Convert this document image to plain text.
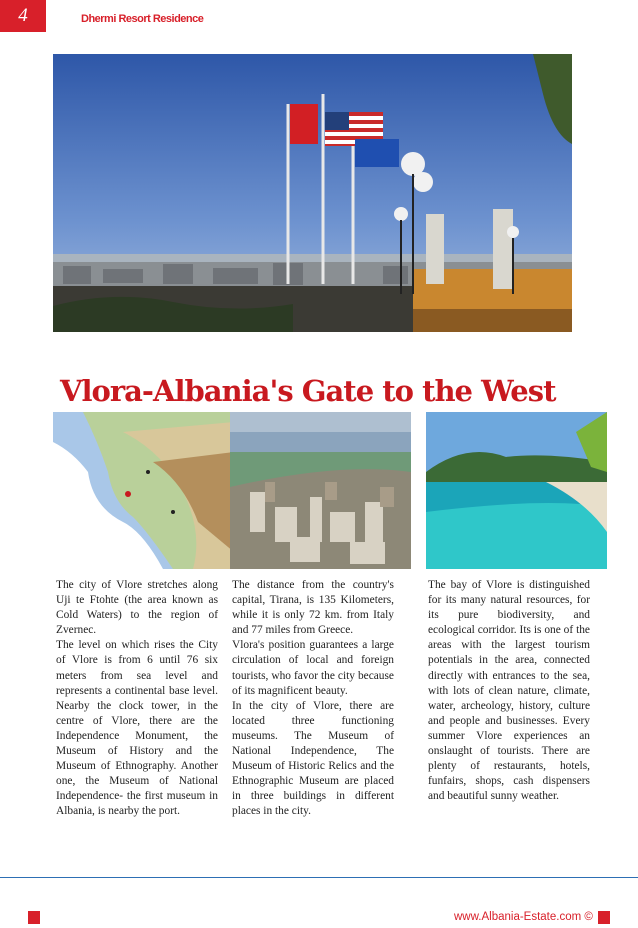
4	Dhermi Resort Residence
Vlora-Albania's Gate to the West

The city of Vlore stretches along Uji te Ftohte (the area known as Cold Waters) to the region of Zvernec.

The level on which rises the City of Vlore is from 6 until 76 six meters from sea level and represents a continental base level. Nearby the clock tower, in the centre of Vlore, there are the Independence Monument, the Museum of History and the Museum of Ethnography. Another one, the Museum of National Independence- the first museum in Albania, is nearby the port.

The distance from the country's capital, Tirana, is 135 Kilometers, while it is only 72 km. from Italy and 77 miles from Greece.

Vlora's position guarantees a large circulation of local and foreign tourists, who favor the city because of its magnificent beauty.

In the city of Vlore, there are located three functioning museums. The Museum of National Independence, The Museum of Historic Relics and the Ethnographic Museum are placed in three buildings in different places in the city.

The bay of Vlore is distinguished for its many natural resources, for its pure biodiversity, and ecological corridor. Its is one of the areas with the largest tourism potentials in the area, connected directly with entrances to the sea, with lots of clean nature, climate, water, archeology, history, culture and people and businesses. Every summer Vlore experiences an onslaught of tourists. There are plenty of restaurants, hotels, funfairs, shops, cash dispensers and beautiful sunny weather.

www.Albania-Estate.com ©
